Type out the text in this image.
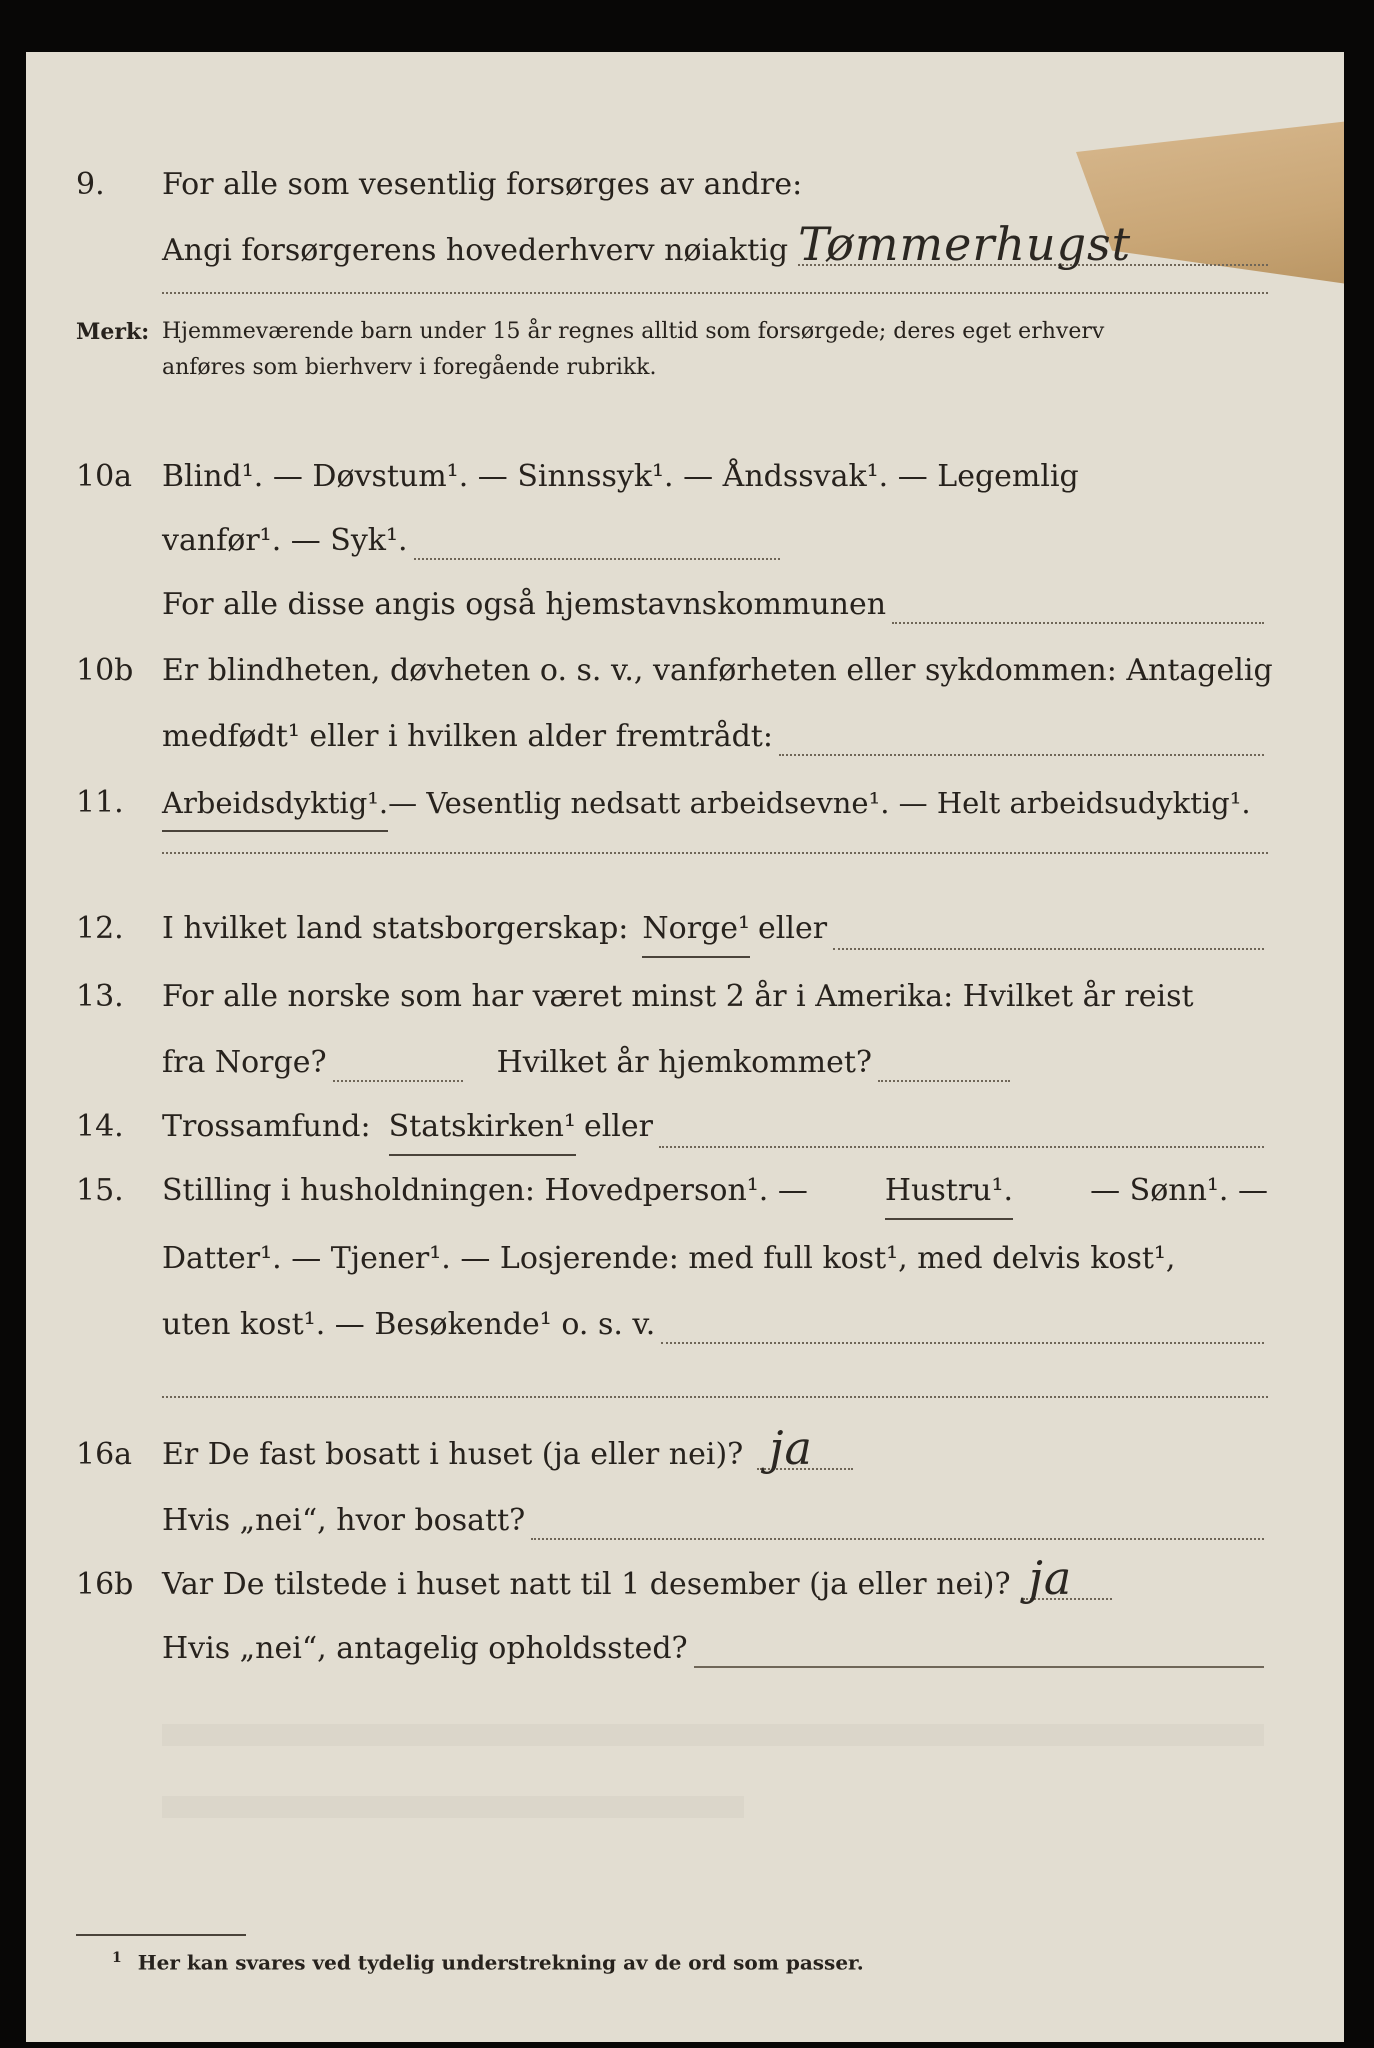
9.	For alle som vesentlig forsørges av andre:
Angi forsørgerens hovederhverv nøiaktig Tømmerhugst
Merk: Hjemmeværende barn under 15 år regnes alltid som forsørgede; deres eget erhverv
anføres som bierhverv i foregående rubrikk.
10a Blind¹. — Døvstum¹. — Sinnssyk¹. — Åndssvak¹. — Legemlig
vanfør¹. — Syk¹.
For alle disse angis også hjemstavnskommunen
10b Er blindheten, døvheten o. s. v., vanførheten eller sykdommen: Antagelig
medfødt¹ eller i hvilken alder fremtrådt:
11.	Arbeidsdyktig¹. — Vesentlig nedsatt arbeidsevne¹. — Helt arbeidsudyktig¹.
12.	I hvilket land statsborgerskap: Norge¹ eller
13.	For alle norske som har været minst 2 år i Amerika: Hvilket år reist
fra Norge?	Hvilket år hjemkommet?
14.	Trossamfund: Statskirken¹ eller
15.	Stilling i husholdningen: Hovedperson¹. —	Hustru¹.	— Sønn¹. —
Datter¹. — Tjener¹. — Losjerende: med full kost¹, med delvis kost¹,
uten kost¹. — Besøkende¹ o. s. v.
16a Er De fast bosatt i huset (ja eller nei)? ja
Hvis „nei“, hvor bosatt?
16b Var De tilstede i huset natt til 1 desember (ja eller nei)? ja
Hvis „nei“, antagelig opholdssted?
$^1$ Her kan svares ved tydelig understrekning av de ord som passer.
